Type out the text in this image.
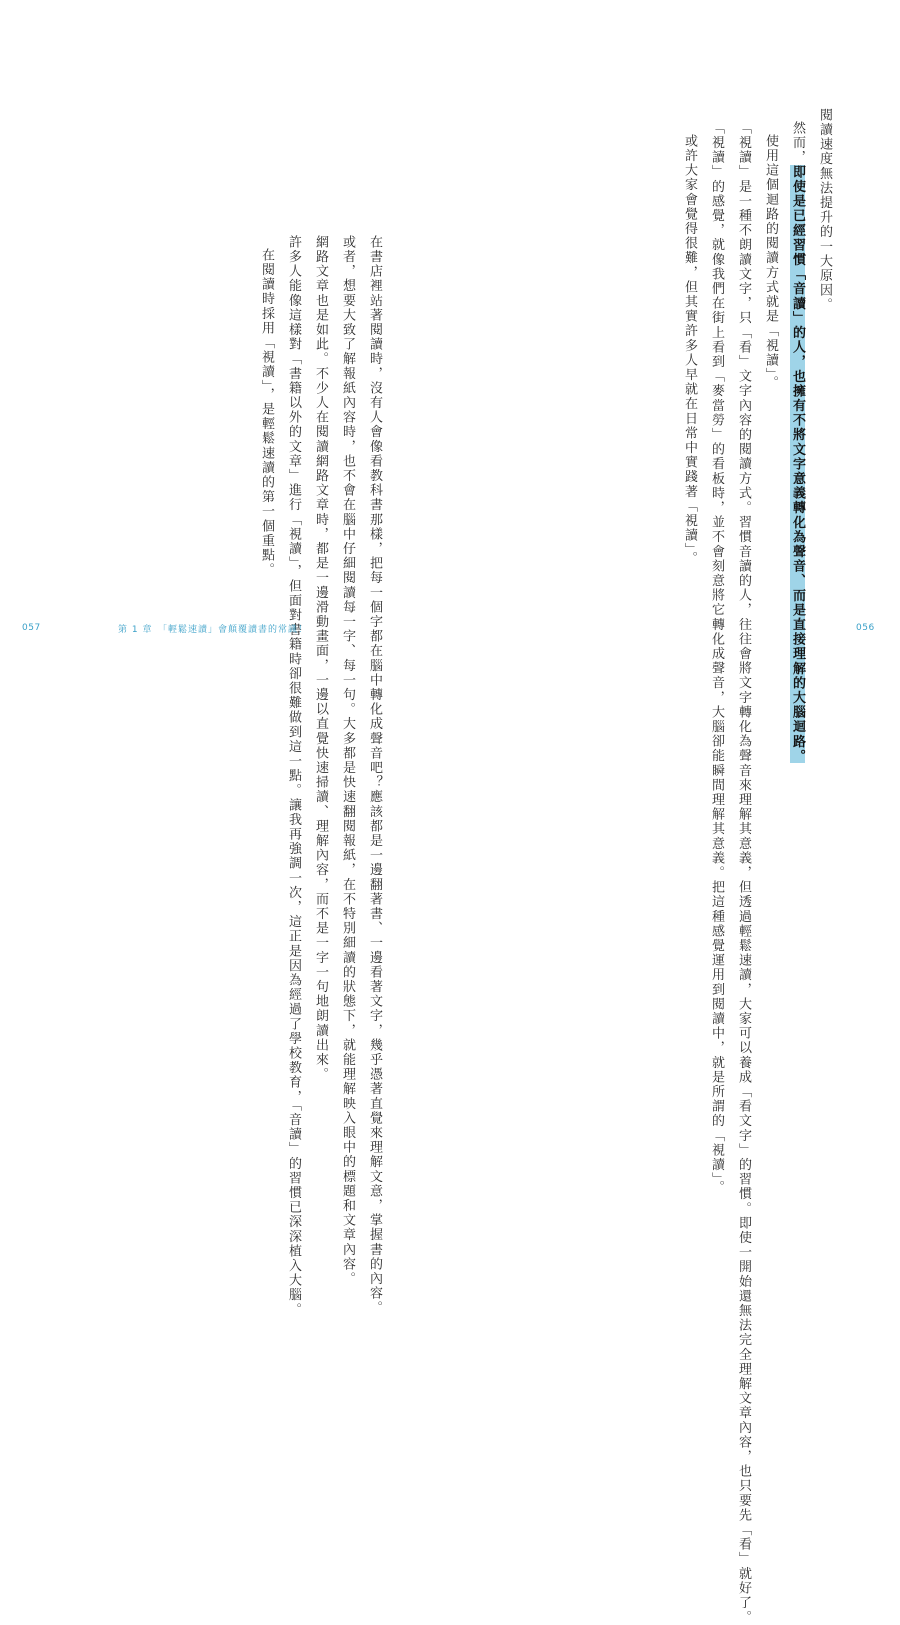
閱讀速度無法提升的一大原因。

然而，即使是已經習慣「音讀」的人，也擁有不將文字意義轉化為聲音、而是直接理解的大腦迴路。

使用這個迴路的閱讀方式就是「視讀」。

「視讀」是一種不朗讀文字，只「看」文字內容的閱讀方式。習慣音讀的人，往往會將文字轉化為聲音來理解其意義，但透過輕鬆速讀，大家可以養成「看文字」的習慣。即使一開始還無法完全理解文章內容，也只要先「看」就好了。

「視讀」的感覺，就像我們在街上看到「麥當勞」的看板時，並不會刻意將它轉化成聲音，大腦卻能瞬間理解其意義。把這種感覺運用到閱讀中，就是所謂的「視讀」。

或許大家會覺得很難，但其實許多人早就在日常中實踐著「視讀」。

056

在書店裡站著閱讀時，沒有人會像看教科書那樣，把每一個字都在腦中轉化成聲音吧？應該都是一邊翻著書、一邊看著文字，幾乎憑著直覺來理解文意，掌握書的內容。

或者，想要大致了解報紙內容時，也不會在腦中仔細閱讀每一字、每一句。大多都是快速翻閱報紙，在不特別細讀的狀態下，就能理解映入眼中的標題和文章內容。

網路文章也是如此。不少人在閱讀網路文章時，都是一邊滑動畫面，一邊以直覺快速掃讀、理解內容，而不是一字一句地朗讀出來。

許多人能像這樣對「書籍以外的文章」進行「視讀」，但面對書籍時卻很難做到這一點。讓我再強調一次，這正是因為經過了學校教育，「音讀」的習慣已深深植入大腦。

在閱讀時採用「視讀」，是輕鬆速讀的第一個重點。

057	第 1 章　「輕鬆速讀」會顛覆讀書的常識！
